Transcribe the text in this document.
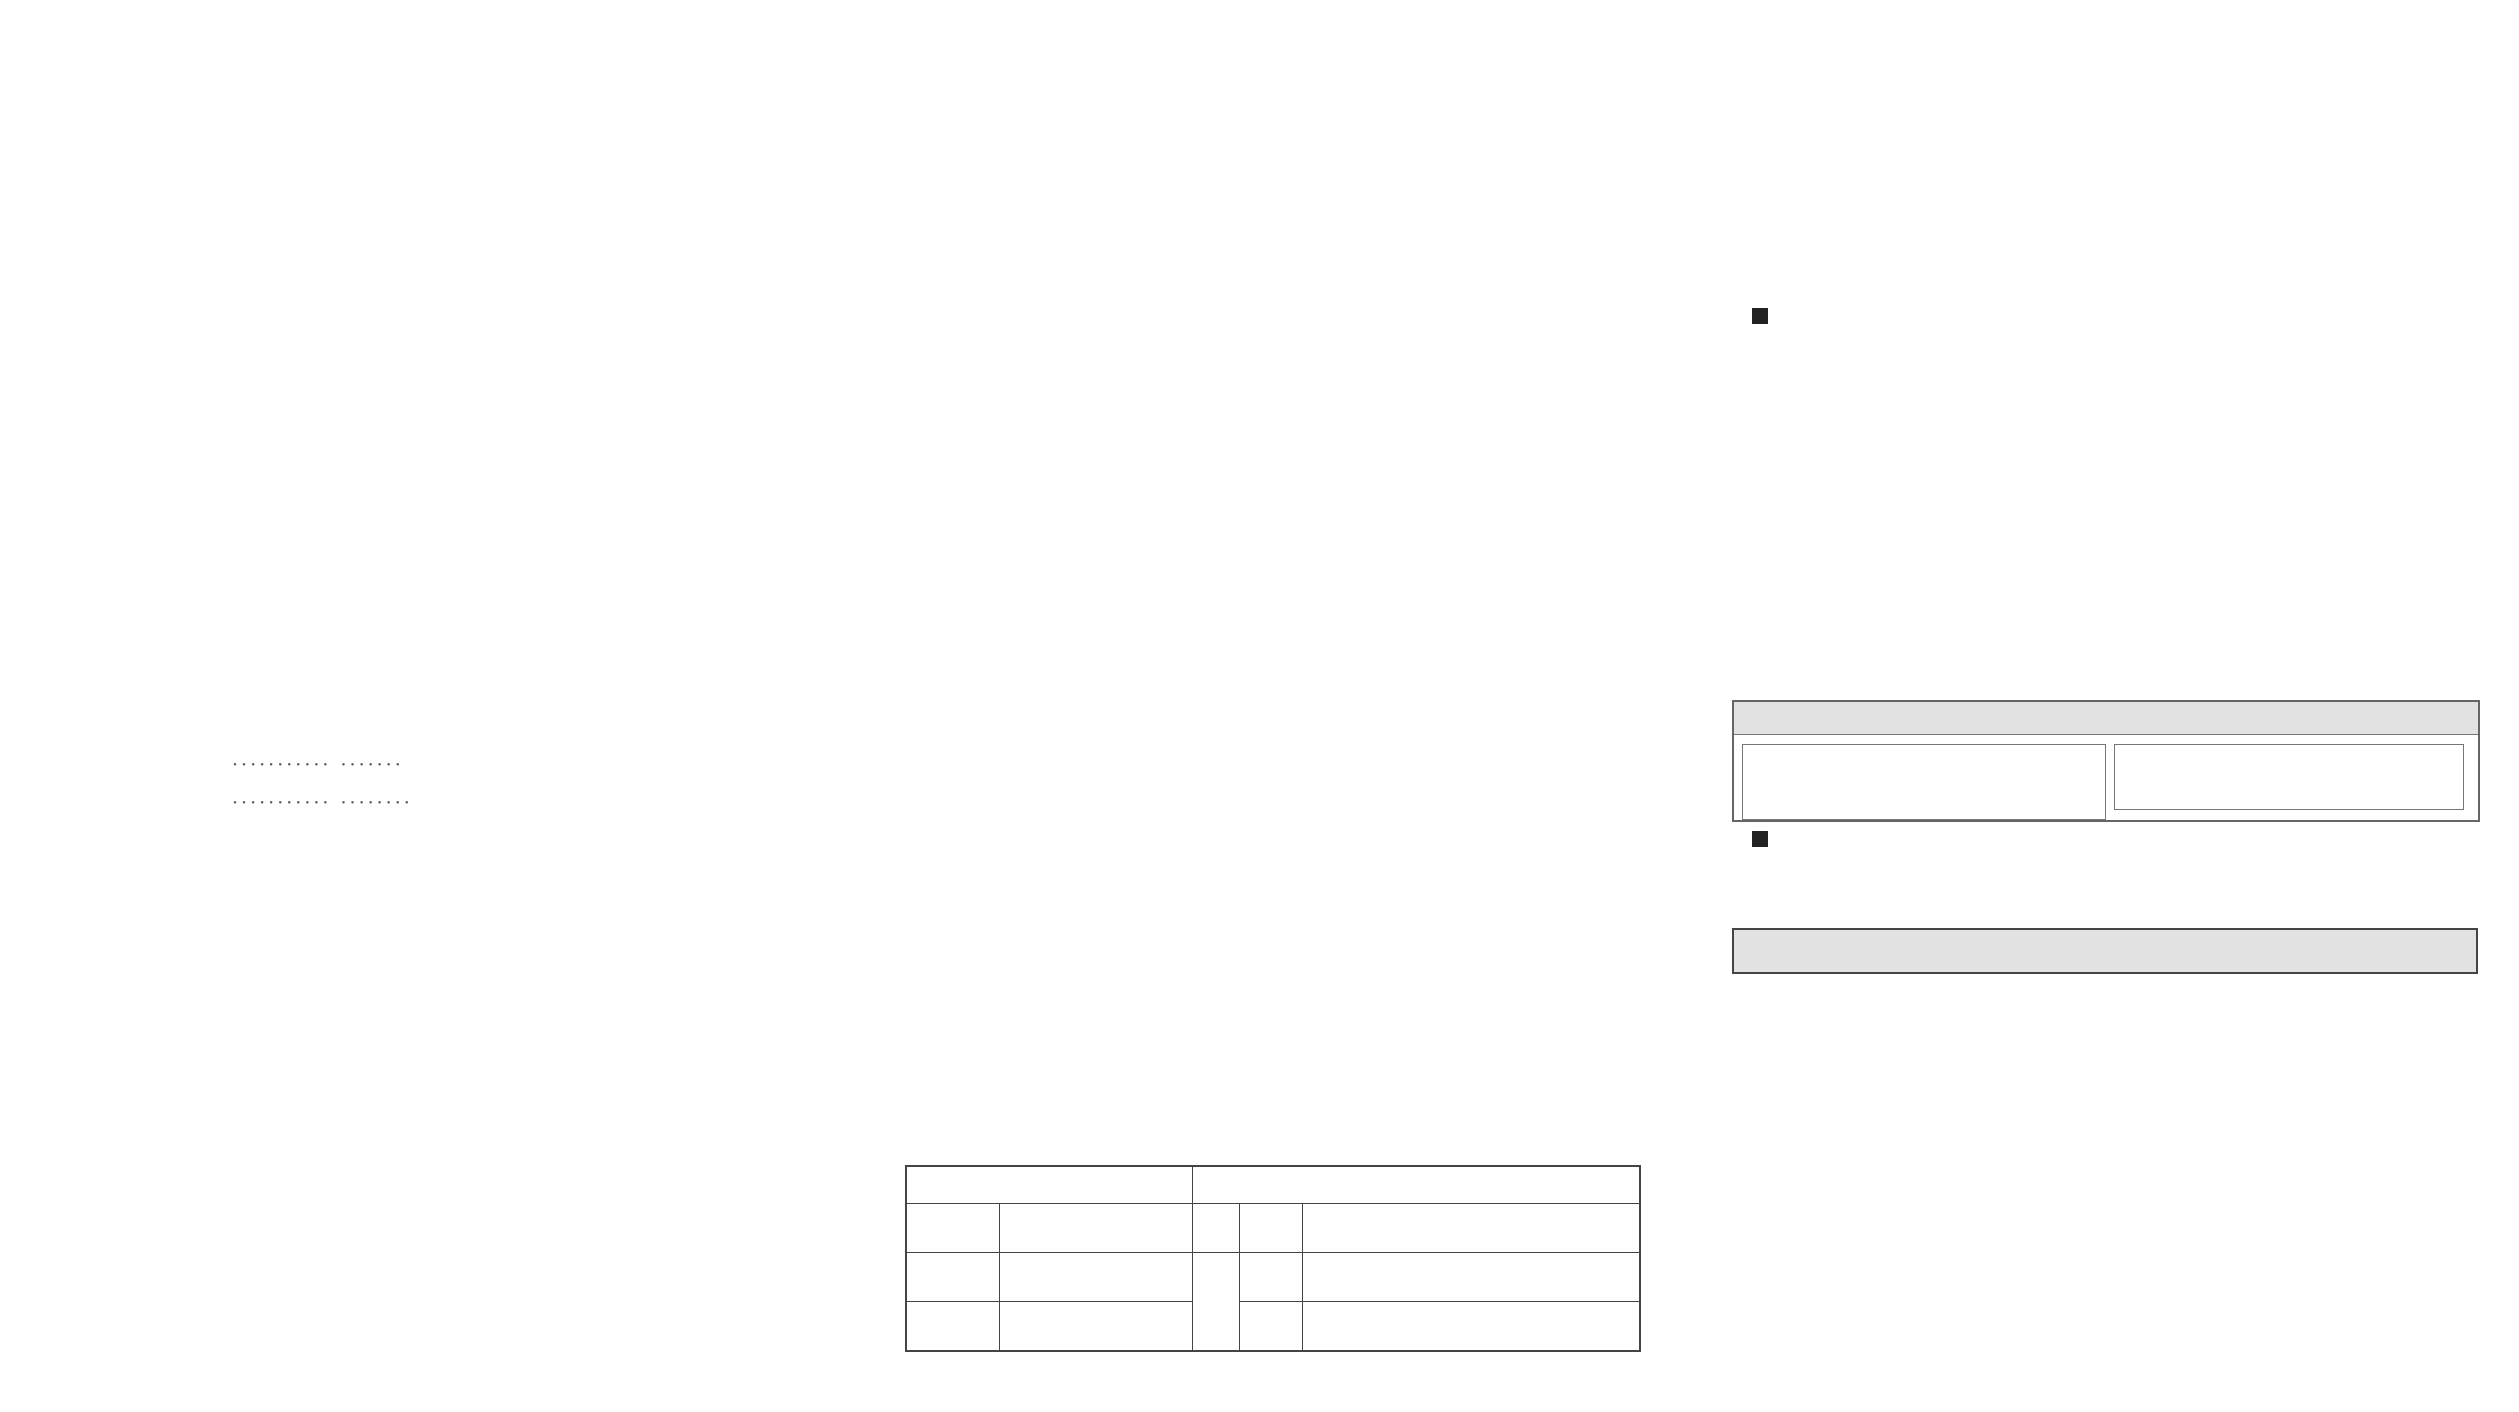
··········· ·······
··········· ········
